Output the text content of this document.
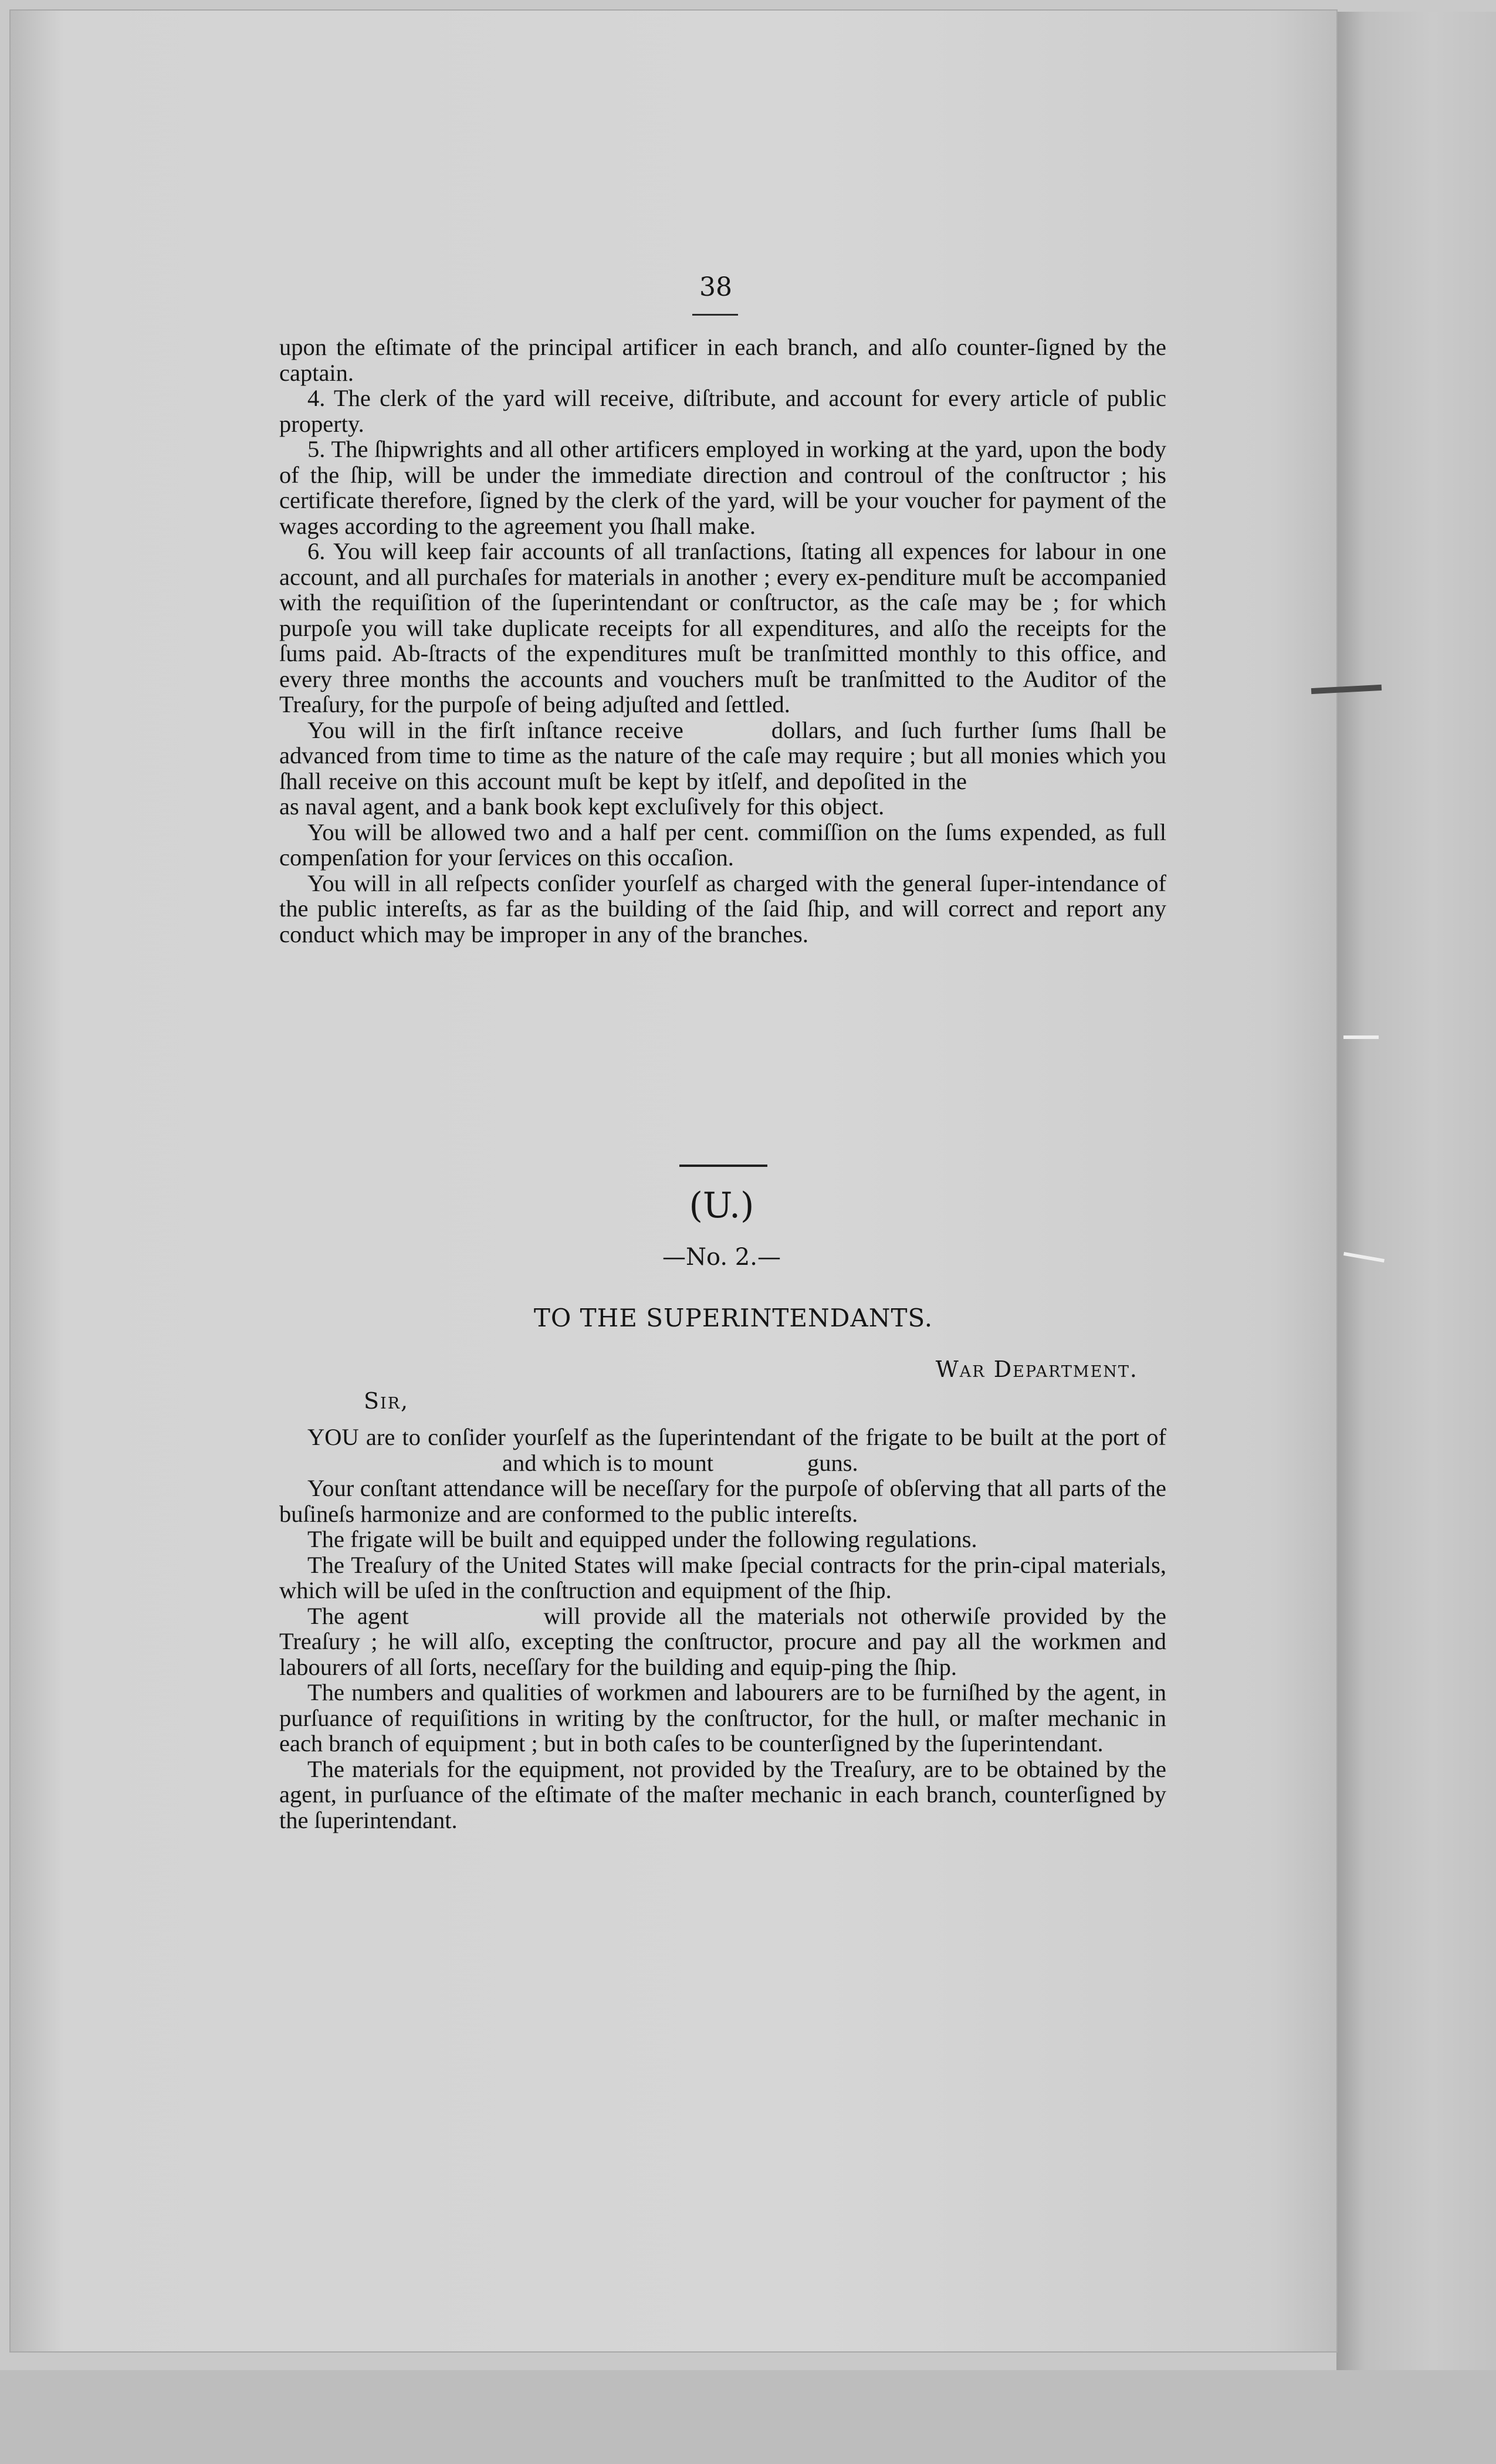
38

upon the eſtimate of the principal artificer in each branch, and alſo counter-ſigned by the captain.

4. The clerk of the yard will receive, diſtribute, and account for every article of public property.

5. The ſhipwrights and all other artificers employed in working at the yard, upon the body of the ſhip, will be under the immediate direction and controul of the conſtructor ; his certificate therefore, ſigned by the clerk of the yard, will be your voucher for payment of the wages according to the agreement you ſhall make.

6. You will keep fair accounts of all tranſactions, ſtating all expences for labour in one account, and all purchaſes for materials in another ; every ex-penditure muſt be accompanied with the requiſition of the ſuperintendant or conſtructor, as the caſe may be ; for which purpoſe you will take duplicate receipts for all expenditures, and alſo the receipts for the ſums paid. Ab-ſtracts of the expenditures muſt be tranſmitted monthly to this office, and every three months the accounts and vouchers muſt be tranſmitted to the Auditor of the Treaſury, for the purpoſe of being adjuſted and ſettled.

You will in the firſt inſtance receive	dollars, and ſuch further ſums ſhall be advanced from time to time as the nature of the caſe may require ; but all monies which you ſhall receive on this account muſt be kept by itſelf, and depoſited in theas naval agent, and a bank book kept excluſively for this object.

You will be allowed two and a half per cent. commiſſion on the ſums expended, as full compenſation for your ſervices on this occaſion.

You will in all reſpects conſider yourſelf as charged with the general ſuper-intendance of the public intereſts, as far as the building of the ſaid ſhip, and will correct and report any conduct which may be improper in any of the branches.

(U.)
—No. 2.—
TO THE SUPERINTENDANTS.
War Department.
Sir,

YOU are to conſider yourſelf as the ſuperintendant of the frigate to be built at the port ofand which is to mount	guns.

Your conſtant attendance will be neceſſary for the purpoſe of obſerving that all parts of the buſineſs harmonize and are conformed to the public intereſts.

The frigate will be built and equipped under the following regulations.

The Treaſury of the United States will make ſpecial contracts for the prin-cipal materials, which will be uſed in the conſtruction and equipment of the ſhip.

The agent	will provide all the materials not otherwiſe provided by the Treaſury ; he will alſo, excepting the conſtructor, procure and pay all the workmen and labourers of all ſorts, neceſſary for the building and equip-ping the ſhip.

The numbers and qualities of workmen and labourers are to be furniſhed by the agent, in purſuance of requiſitions in writing by the conſtructor, for the hull, or maſter mechanic in each branch of equipment ; but in both caſes to be counterſigned by the ſuperintendant.

The materials for the equipment, not provided by the Treaſury, are to be obtained by the agent, in purſuance of the eſtimate of the maſter mechanic in each branch, counterſigned by the ſuperintendant.
